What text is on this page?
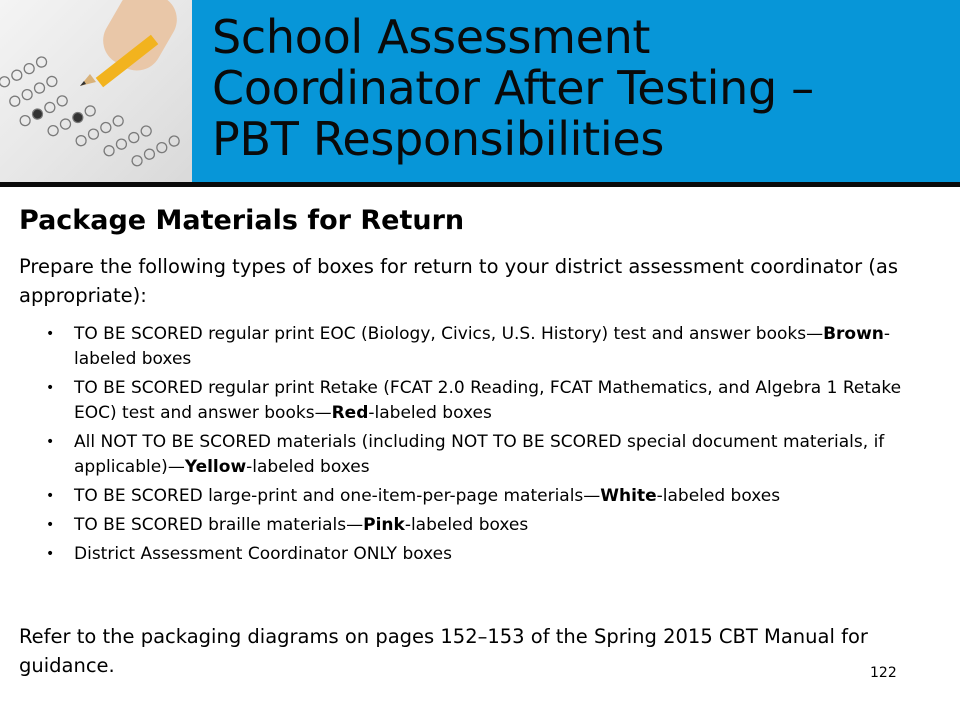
School Assessment
Coordinator After Testing –
PBT Responsibilities
Package Materials for Return
Prepare the following types of boxes for return to your district assessment coordinator (as appropriate):
• TO BE SCORED regular print EOC (Biology, Civics, U.S. History) test and answer books—Brown-labeled boxes
• TO BE SCORED regular print Retake (FCAT 2.0 Reading, FCAT Mathematics, and Algebra 1 Retake EOC) test and answer books—Red-labeled boxes
• All NOT TO BE SCORED materials (including NOT TO BE SCORED special document materials, if applicable)—Yellow-labeled boxes
• TO BE SCORED large-print and one-item-per-page materials—White-labeled boxes
• TO BE SCORED braille materials—Pink-labeled boxes
• District Assessment Coordinator ONLY boxes
Refer to the packaging diagrams on pages 152–153 of the Spring 2015 CBT Manual for guidance.	122
